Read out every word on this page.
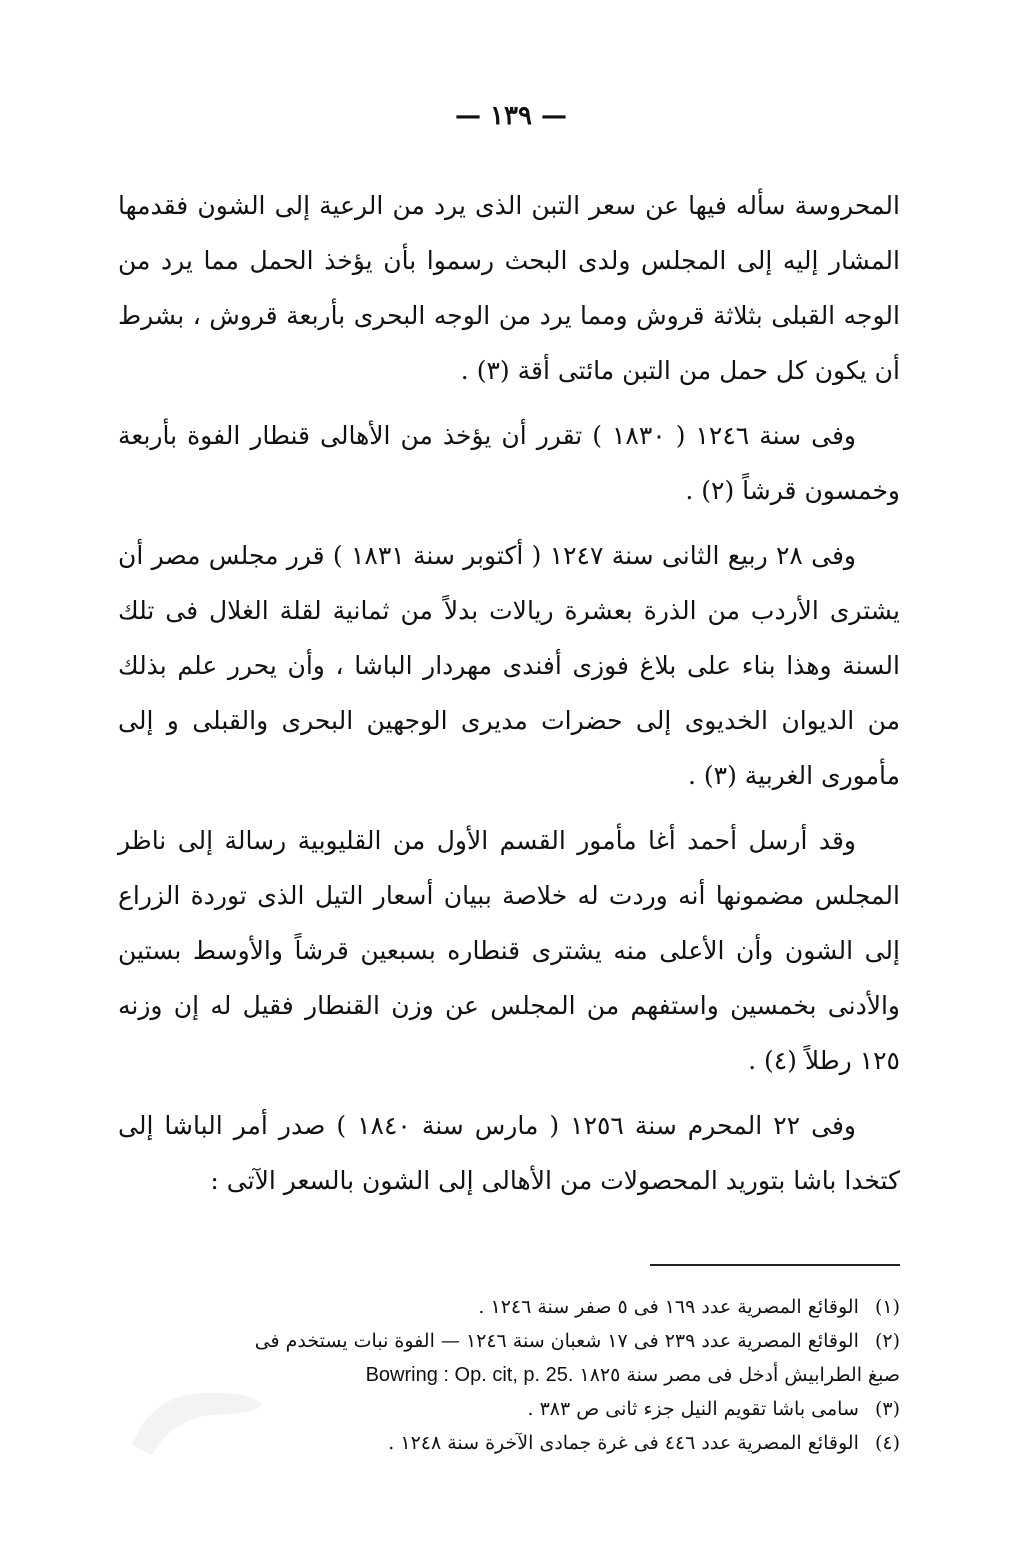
— ١٣٩ —

المحروسة سأله فيها عن سعر التبن الذى يرد من الرعية إلى الشون فقدمها المشار إليه إلى المجلس ولدى البحث رسموا بأن يؤخذ الحمل مما يرد من الوجه القبلى بثلاثة قروش ومما يرد من الوجه البحرى بأربعة قروش ، بشرط أن يكون كل حمل من التبن مائتى أقة (٣) .

وفى سنة ١٢٤٦ ( ١٨٣٠ ) تقرر أن يؤخذ من الأهالى قنطار الفوة بأربعة وخمسون قرشاً (٢) .

وفى ٢٨ ربيع الثانى سنة ١٢٤٧ ( أكتوبر سنة ١٨٣١ ) قرر مجلس مصر أن يشترى الأردب من الذرة بعشرة ريالات بدلاً من ثمانية لقلة الغلال فى تلك السنة وهذا بناء على بلاغ فوزى أفندى مهردار الباشا ، وأن يحرر علم بذلك من الديوان الخديوى إلى حضرات مديرى الوجهين البحرى والقبلى و إلى مأمورى الغربية (٣) .

وقد أرسل أحمد أغا مأمور القسم الأول من القليوبية رسالة إلى ناظر المجلس مضمونها أنه وردت له خلاصة ببيان أسعار التيل الذى توردة الزراع إلى الشون وأن الأعلى منه يشترى قنطاره بسبعين قرشاً والأوسط بستين والأدنى بخمسين واستفهم من المجلس عن وزن القنطار فقيل له إن وزنه ١٢٥ رطلاً (٤) .

وفى ٢٢ المحرم سنة ١٢٥٦ ( مارس سنة ١٨٤٠ ) صدر أمر الباشا إلى كتخدا باشا بتوريد المحصولات من الأهالى إلى الشون بالسعر الآتى :

(١) الوقائع المصرية عدد ١٦٩ فى ٥ صفر سنة ١٢٤٦ .

(٢) الوقائع المصرية عدد ٢٣٩ فى ١٧ شعبان سنة ١٢٤٦ — الفوة نبات يستخدم فى

صبغ الطرابيش أدخل فى مصر سنة ١٨٢٥ Bowring : Op. cit, p. 25.

(٣) سامى باشا تقويم النيل جزء ثانى ص ٣٨٣ .

(٤) الوقائع المصرية عدد ٤٤٦ فى غرة جمادى الآخرة سنة ١٢٤٨ .
